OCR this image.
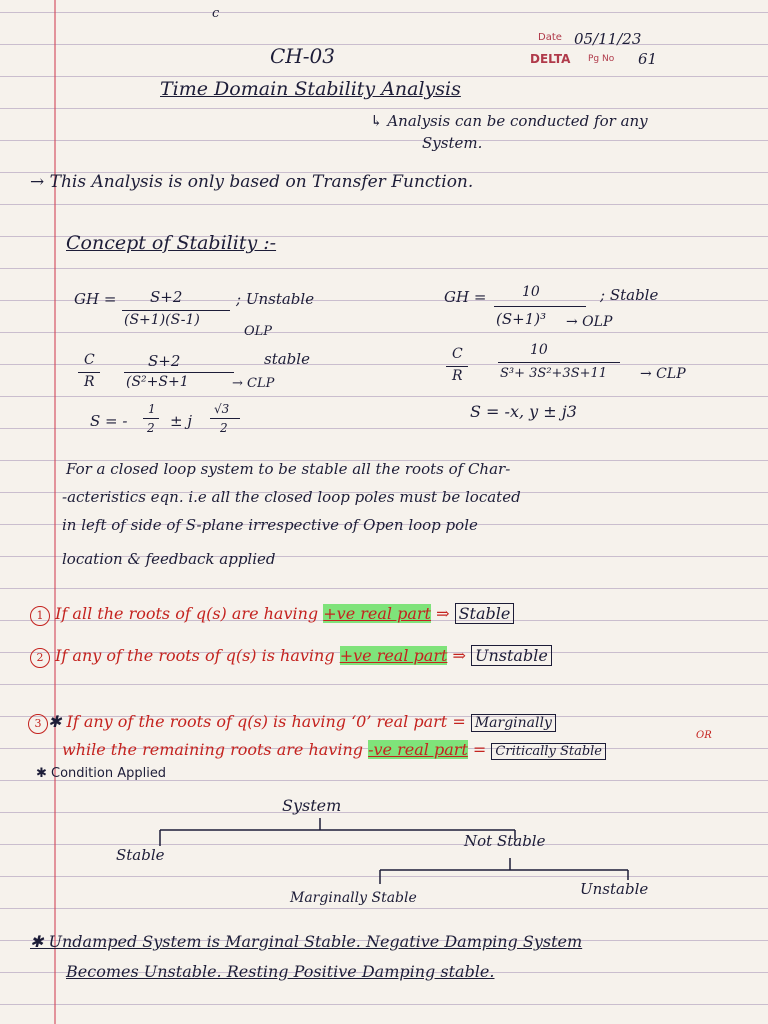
Date 05/11/23
DELTA Pg No 61
c
CH-03
Time Domain Stability Analysis
↳ Analysis can be conducted for any
System.
→ This Analysis is only based on Transfer Function.
Concept of Stability :-
GH = S+2
(S+1)(S-1)
; Unstable
OLP
GH =	10
(S+1)³
; Stable
→ OLP
C
R
S+2
(S²+S+1
stable
→ CLP
C
R
10
S³+ 3S²+3S+11 → CLP
S = -
1
2 ± j
√3
2
S = -x, y ± j3
For a closed loop system to be stable all the roots of Char-
-acteristics eqn. i.e all the closed loop poles must be located
in left of side of S-plane irrespective of Open loop pole
location & feedback applied
1 If all the roots of q(s) are having +ve real part ⇒ Stable
2 If any of the roots of q(s) is having +ve real part ⇒ Unstable
3 ✱ If any of the roots of q(s) is having ‘0’ real part = Marginally
OR
while the remaining roots are having -ve real part = Critically Stable
✱ Condition Applied
System
Stable
Not Stable
Marginally Stable	Unstable
✱ Undamped System is Marginal Stable. Negative Damping System
Becomes Unstable. Resting Positive Damping stable.
